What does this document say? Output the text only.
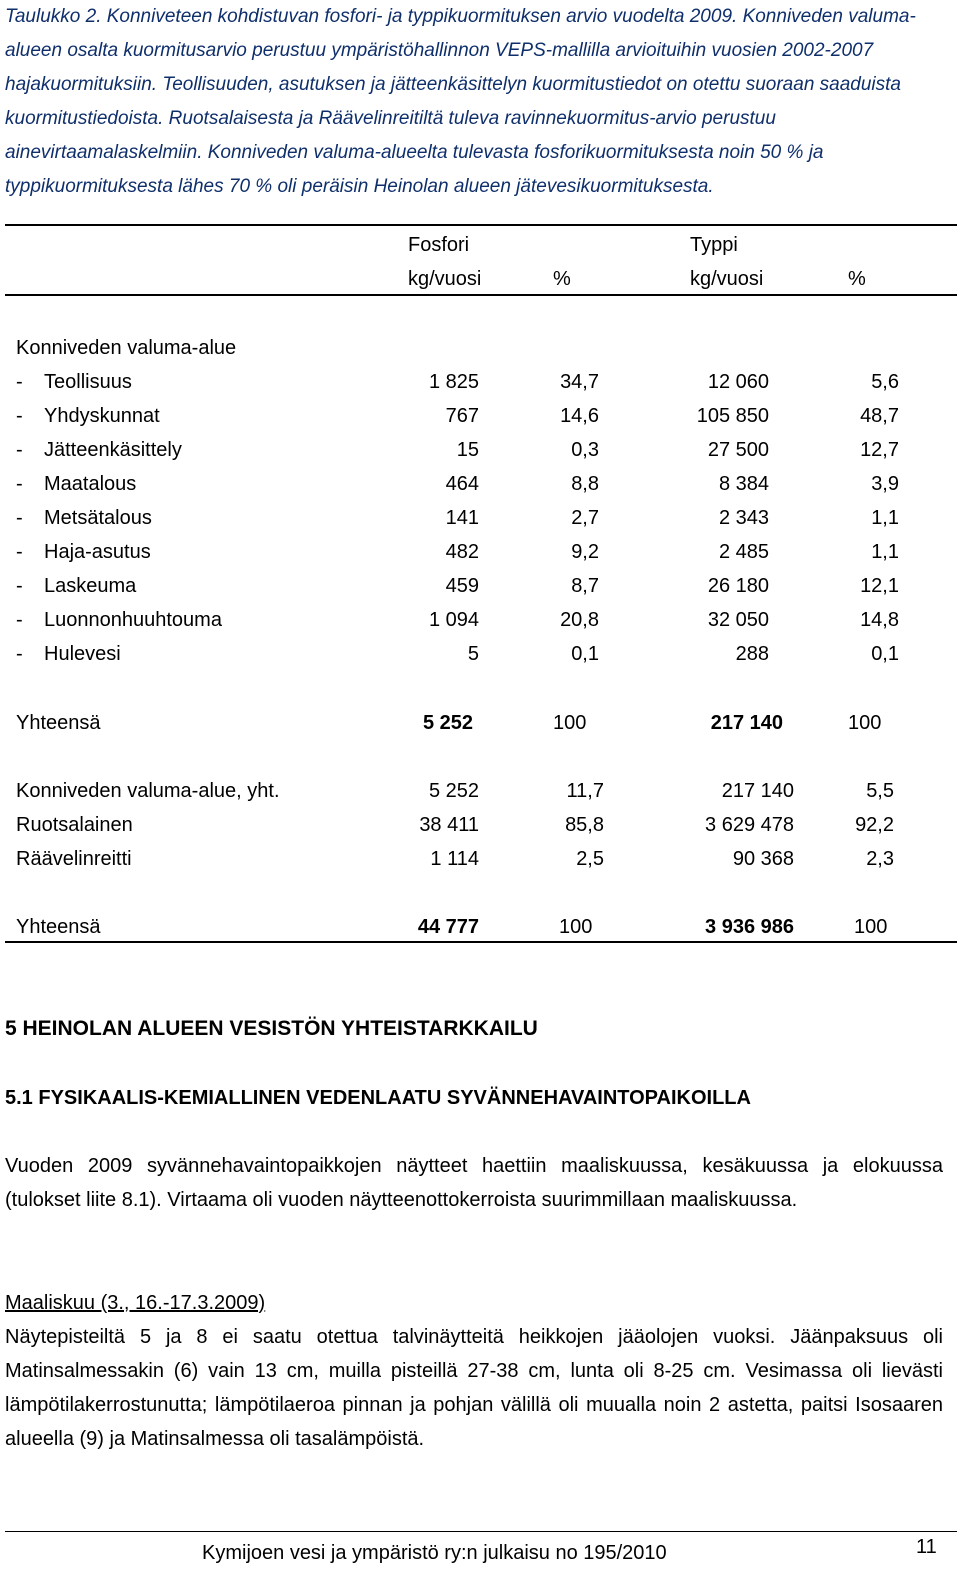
Taulukko 2. Konniveteen kohdistuvan fosfori- ja typpikuormituksen arvio vuodelta 2009. Konniveden valuma-alueen osalta kuormitusarvio perustuu ympäristöhallinnon VEPS-mallilla arvioituihin vuosien 2002-2007 hajakuormituksiin. Teollisuuden, asutuksen ja jätteenkäsittelyn kuormitustiedot on otettu suoraan saaduista kuormitustiedoista. Ruotsalaisesta ja Räävelinreitiltä tuleva ravinnekuormitus-arvio perustuu ainevirtaamalaskelmiin. Konniveden valuma-alueelta tulevasta fosforikuormituksesta noin 50 % ja typpikuormituksesta lähes 70 % oli peräisin Heinolan alueen jätevesikuormituksesta.
Fosfori	Typpi
kg/vuosi	%	kg/vuosi	%
Konniveden valuma-alue
- Teollisuus	1 825	34,7	12 060	5,6
- Yhdyskunnat	767	14,6	105 850	48,7
- Jätteenkäsittely	15	0,3	27 500	12,7
- Maatalous	464	8,8	8 384	3,9
- Metsätalous	141	2,7	2 343	1,1
- Haja-asutus	482	9,2	2 485	1,1
- Laskeuma	459	8,7	26 180	12,1
- Luonnonhuuhtouma	1 094	20,8	32 050	14,8
- Hulevesi	5	0,1	288	0,1
Yhteensä	5 252	100	217 140	100
Konniveden valuma-alue, yht.	5 252	11,7	217 140	5,5
Ruotsalainen	38 411	85,8	3 629 478	92,2
Räävelinreitti	1 114	2,5	90 368	2,3
Yhteensä	44 777	100	3 936 986	100
5 HEINOLAN ALUEEN VESISTÖN YHTEISTARKKAILU
5.1 FYSIKAALIS-KEMIALLINEN VEDENLAATU SYVÄNNEHAVAINTOPAIKOILLA
Vuoden 2009 syvännehavaintopaikkojen näytteet haettiin maaliskuussa, kesäkuussa ja elokuussa (tulokset liite 8.1). Virtaama oli vuoden näytteenottokerroista suurimmillaan maaliskuussa.
Maaliskuu (3., 16.-17.3.2009)
Näytepisteiltä 5 ja 8 ei saatu otettua talvinäytteitä heikkojen jääolojen vuoksi. Jäänpaksuus oli Matinsalmessakin (6) vain 13 cm, muilla pisteillä 27-38 cm, lunta oli 8-25 cm. Vesimassa oli lievästi lämpötilakerrostunutta; lämpötilaeroa pinnan ja pohjan välillä oli muualla noin 2 astetta, paitsi Isosaaren alueella (9) ja Matinsalmessa oli tasalämpöistä.
Kymijoen vesi ja ympäristö ry:n julkaisu no 195/2010	11
